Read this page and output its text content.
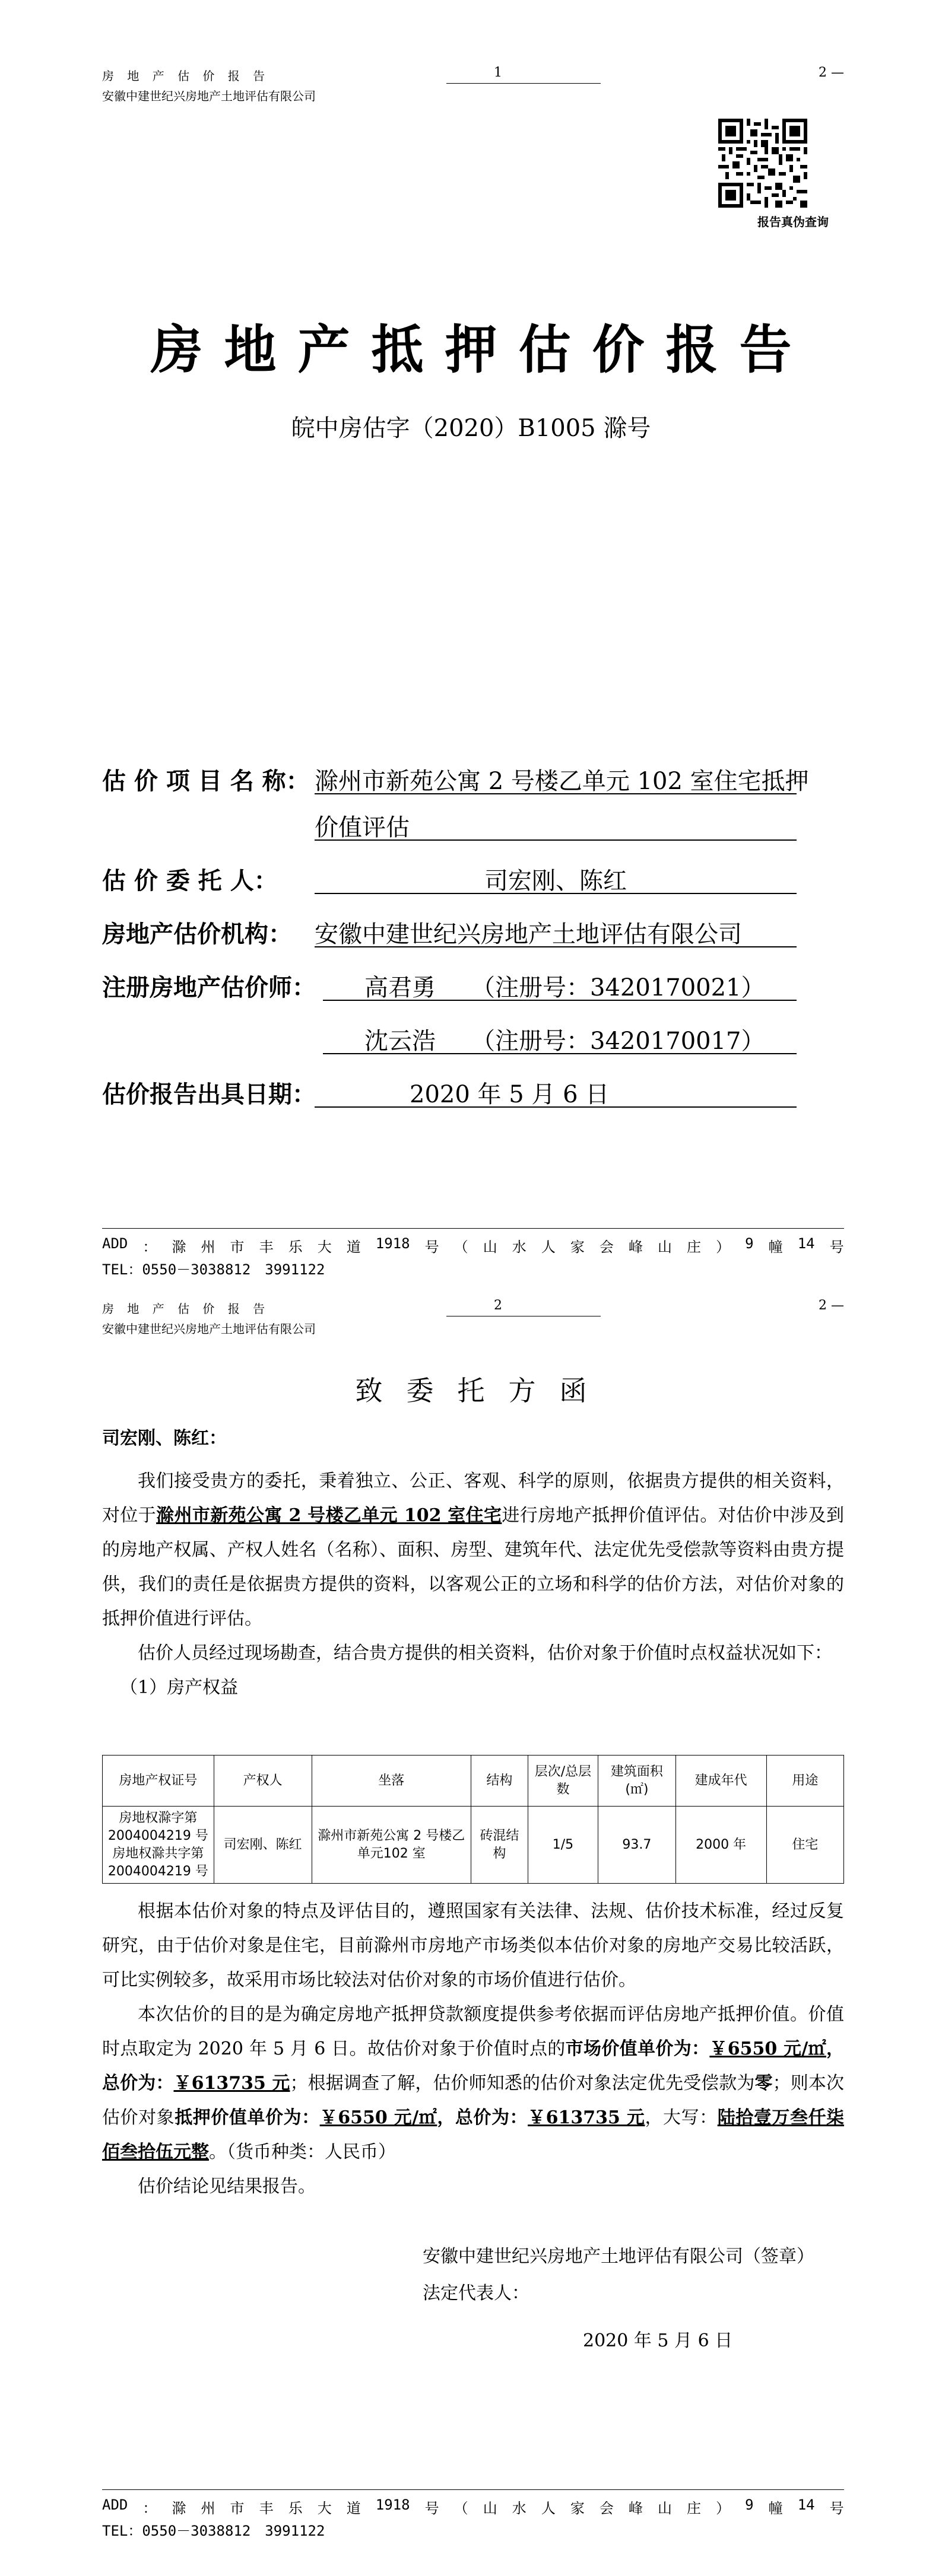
房 地 产 估 价 报 告
安徽中建世纪兴房地产土地评估有限公司
1	2 —
报告真伪查询
房地产抵押估价报告
皖中房估字（2020）B1005 滁号
估 价 项 目 名 称： 滁州市新苑公寓 2 号楼乙单元 102 室住宅抵押
价值评估
估 价 委 托 人：	司宏刚、陈红
房地产估价机构： 安徽中建世纪兴房地产土地评估有限公司
注册房地产估价师： 高君勇　　（注册号：3420170021）
沈云浩　　（注册号：3420170017）
估价报告出具日期：	2020 年 5 月 6 日
ADD ： 滁 州 市 丰 乐 大 道 1918 号 （ 山 水 人 家 会 峰 山 庄 ） 9 幢 14 号
TEL：0550－3038812　3991122
房 地 产 估 价 报 告
安徽中建世纪兴房地产土地评估有限公司
2	2 —
致委托方函

司宏刚、陈红：

我们接受贵方的委托，秉着独立、公正、客观、科学的原则，依据贵方提供的相关资料，对位于滁州市新苑公寓 2 号楼乙单元 102 室住宅进行房地产抵押价值评估。对估价中涉及到的房地产权属、产权人姓名（名称）、面积、房型、建筑年代、法定优先受偿款等资料由贵方提供，我们的责任是依据贵方提供的资料，以客观公正的立场和科学的估价方法，对估价对象的抵押价值进行评估。

估价人员经过现场勘查，结合贵方提供的相关资料，估价对象于价值时点权益状况如下：

（1）房产权益

房地产权证号	产权人	坐落	结构	层次/总层数	建筑面积(㎡)	建成年代	用途
房地权滁字第 2004004219 号 房地权滁共字第 2004004219 号	司宏刚、陈红	滁州市新苑公寓 2 号楼乙单元102 室	砖混结构	1/5	93.7	2000 年	住宅

根据本估价对象的特点及评估目的，遵照国家有关法律、法规、估价技术标准，经过反复研究，由于估价对象是住宅，目前滁州市房地产市场类似本估价对象的房地产交易比较活跃，可比实例较多，故采用市场比较法对估价对象的市场价值进行估价。

本次估价的目的是为确定房地产抵押贷款额度提供参考依据而评估房地产抵押价值。价值时点取定为 2020 年 5 月 6 日。故估价对象于价值时点的市场价值单价为：￥6550 元/㎡，总价为：￥613735 元；根据调查了解，估价师知悉的估价对象法定优先受偿款为零；则本次估价对象抵押价值单价为：￥6550 元/㎡，总价为：￥613735 元，大写：陆拾壹万叁仟柒佰叁拾伍元整。（货币种类：人民币）

估价结论见结果报告。

安徽中建世纪兴房地产土地评估有限公司（签章）
法定代表人：
2020 年 5 月 6 日
ADD ： 滁 州 市 丰 乐 大 道 1918 号 （ 山 水 人 家 会 峰 山 庄 ） 9 幢 14 号
TEL：0550－3038812　3991122
